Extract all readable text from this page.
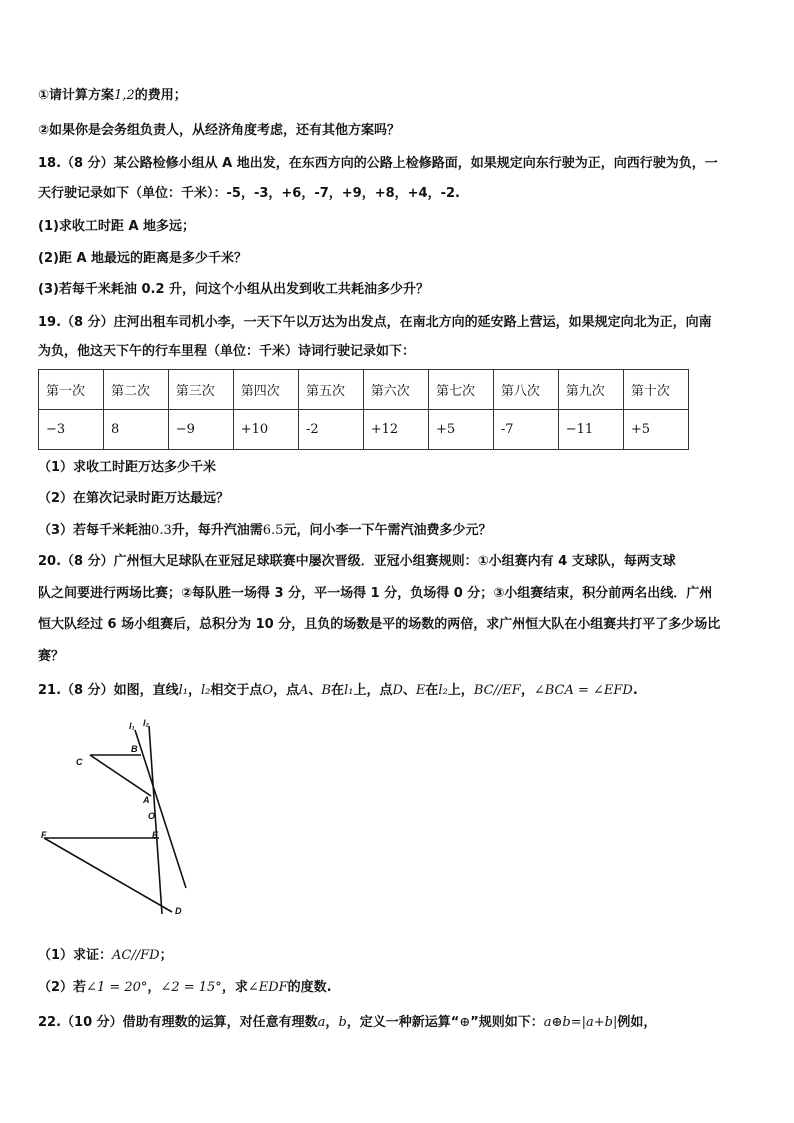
①请计算方案1,2的费用；
②如果你是会务组负责人，从经济角度考虑，还有其他方案吗？
18.（8 分）某公路检修小组从 A 地出发，在东西方向的公路上检修路面，如果规定向东行驶为正，向西行驶为负，一
天行驶记录如下（单位：千米）：-5，-3，+6，-7，+9，+8，+4，-2.
(1)求收工时距 A 地多远；
(2)距 A 地最远的距离是多少千米？
(3)若每千米耗油 0.2 升，问这个小组从出发到收工共耗油多少升？
19.（8 分）庄河出租车司机小李，一天下午以万达为出发点，在南北方向的延安路上营运，如果规定向北为正，向南
为负，他这天下午的行车里程（单位：千米）诗词行驶记录如下：
第一次	第二次	第三次	第四次	第五次	第六次	第七次	第八次	第九次	第十次
−3	8	−9	+10	-2	+12	+5	-7	−11	+5
（1）求收工时距万达多少千米
（2）在第次记录时距万达最远？
（3）若每千米耗油0.3升，每升汽油需6.5元，问小李一下午需汽油费多少元？
20.（8 分）广州恒大足球队在亚冠足球联赛中屡次晋级．亚冠小组赛规则：①小组赛内有 4 支球队，每两支球
队之间要进行两场比赛；②每队胜一场得 3 分，平一场得 1 分，负场得 0 分；③小组赛结束，积分前两名出线．广州
恒大队经过 6 场小组赛后，总积分为 10 分，且负的场数是平的场数的两倍，求广州恒大队在小组赛共打平了多少场比
赛？
21.（8 分）如图，直线l₁，l₂相交于点O，点A、B在l₁上，点D、E在l₂上，BC//EF，∠BCA = ∠EFD.
l₁ l₂
B
C
A
O
F	E
D
（1）求证：AC//FD；
（2）若∠1 = 20°，∠2 = 15°，求∠EDF的度数.
22.（10 分）借助有理数的运算，对任意有理数a，b，定义一种新运算“⊕”规则如下：a⊕b=|a+b|例如，
